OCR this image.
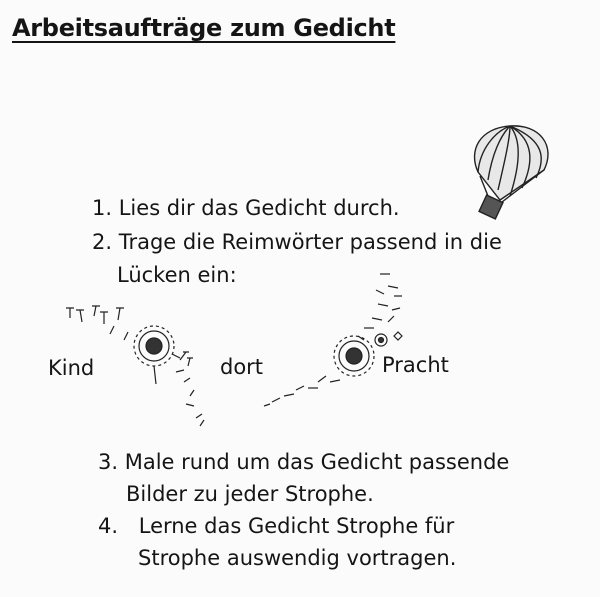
Arbeitsaufträge zum Gedicht
1. Lies dir das Gedicht durch.
2. Trage die Reimwörter passend in die
Lücken ein:
Kind	dort	Pracht
3. Male rund um das Gedicht passende
Bilder zu jeder Strophe.
4. Lerne das Gedicht Strophe für
Strophe auswendig vortragen.
